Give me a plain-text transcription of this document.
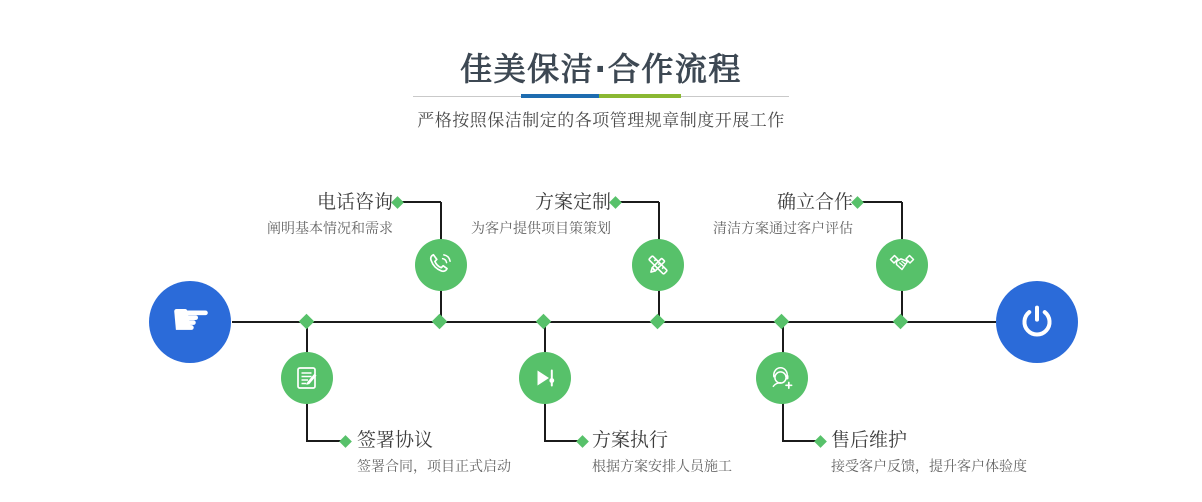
佳美保洁·合作流程

严格按照保洁制定的各项管理规章制度开展工作

☛
电话咨询
阐明基本情况和需求
方案定制
为客户提供项目策策划
确立合作
清洁方案通过客户评估
签署协议
签署合同，项目正式启动
方案执行
根据方案安排人员施工
售后维护
接受客户反馈，提升客户体验度
